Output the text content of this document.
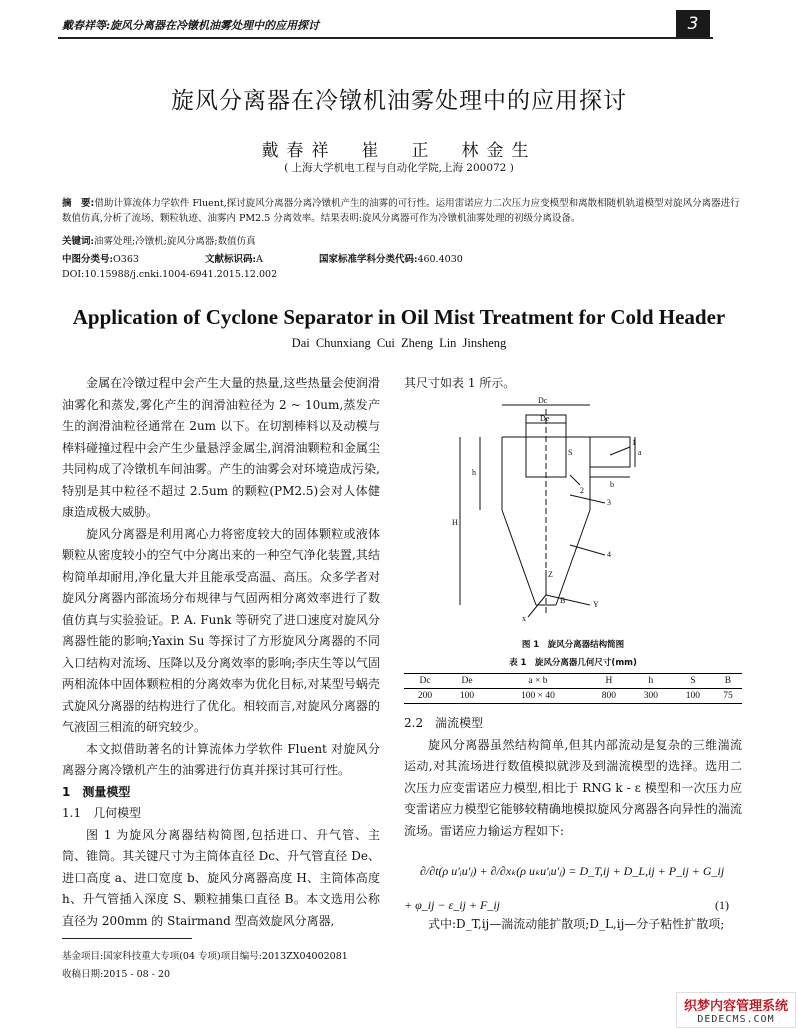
戴春祥等:旋风分离器在冷镦机油雾处理中的应用探讨	3
旋风分离器在冷镦机油雾处理中的应用探讨
戴春祥　崔　正　林金生
( 上海大学机电工程与自动化学院,上海 200072 )
摘　要:借助计算流体力学软件 Fluent,探讨旋风分离器分离冷镦机产生的油雾的可行性。运用雷诺应力二次压力应变模型和离散相随机轨道模型对旋风分离器进行数值仿真,分析了流场、颗粒轨迹、油雾内 PM2.5 分离效率。结果表明:旋风分离器可作为冷镦机油雾处理的初级分离设备。
关键词:油雾处理;冷镦机;旋风分离器;数值仿真
中图分类号:O363	文献标识码:A	国家标准学科分类代码:460.4030
DOI:10.15988/j.cnki.1004-6941.2015.12.002
Application of Cyclone Separator in Oil Mist Treatment for Cold Header
Dai Chunxiang Cui Zheng Lin Jinsheng

金属在冷镦过程中会产生大量的热量,这些热量会使润滑油雾化和蒸发,雾化产生的润滑油粒径为 2 ~ 10um,蒸发产生的润滑油粒径通常在 2um 以下。在切割棒料以及动模与棒料碰撞过程中会产生少量悬浮金属尘,润滑油颗粒和金属尘共同构成了冷镦机车间油雾。产生的油雾会对环境造成污染,特别是其中粒径不超过 2.5um 的颗粒(PM2.5)会对人体健康造成极大威胁。

旋风分离器是利用离心力将密度较大的固体颗粒或液体颗粒从密度较小的空气中分离出来的一种空气净化装置,其结构简单却耐用,净化量大并且能承受高温、高压。众多学者对旋风分离器内部流场分布规律与气固两相分离效率进行了数值仿真与实验验证。P. A. Funk 等研究了进口速度对旋风分离器性能的影响;Yaxin Su 等探讨了方形旋风分离器的不同入口结构对流场、压降以及分离效率的影响;李庆生等以气固两相流体中固体颗粒相的分离效率为优化目标,对某型号蜗壳式旋风分离器的结构进行了优化。相较而言,对旋风分离器的气液固三相流的研究较少。

本文拟借助著名的计算流体力学软件 Fluent 对旋风分离器分离冷镦机产生的油雾进行仿真并探讨其可行性。

1　测量模型

1.1　几何模型

图 1 为旋风分离器结构简图,包括进口、升气管、主筒、锥筒。其关键尺寸为主筒体直径 Dc、升气管直径 De、进口高度 a、进口宽度 b、旋风分离器高度 H、主筒体高度 h、升气管插入深度 S、颗粒捕集口直径 B。本文选用公称直径为 200mm 的 Stairmand 型高效旋风分离器,

其尺寸如表 1 所示。

Dc
De
a
b
h
H
S
B
Z
Y
x
1
2
3
4
图 1　旋风分离器结构简图
表 1　旋风分离器几何尺寸(mm)
Dc	De	a × b	H	h	S	B
200	100	100 × 40	800	300	100	75

2.2　湍流模型

旋风分离器虽然结构简单,但其内部流动是复杂的三维湍流运动,对其流场进行数值模拟就涉及到湍流模型的选择。选用二次压力应变雷诺应力模型,相比于 RNG k - ε 模型和一次压力应变雷诺应力模型它能够较精确地模拟旋风分离器各向异性的湍流流场。雷诺应力输运方程如下:

∂/∂t(ρ u′ᵢu′ⱼ) + ∂/∂xₖ(ρ uₖu′ᵢu′ⱼ) = D_T,ij + D_L,ij + P_ij + G_ij
+ φ_ij − ε_ij + F_ij	(1)

式中:D_T,ij—湍流动能扩散项;D_L,ij—分子粘性扩散项;

基金项目:国家科技重大专项(04 专项)项目编号:2013ZX04002081
收稿日期:2015 - 08 - 20
织梦内容管理系统
DEDECMS.COM
